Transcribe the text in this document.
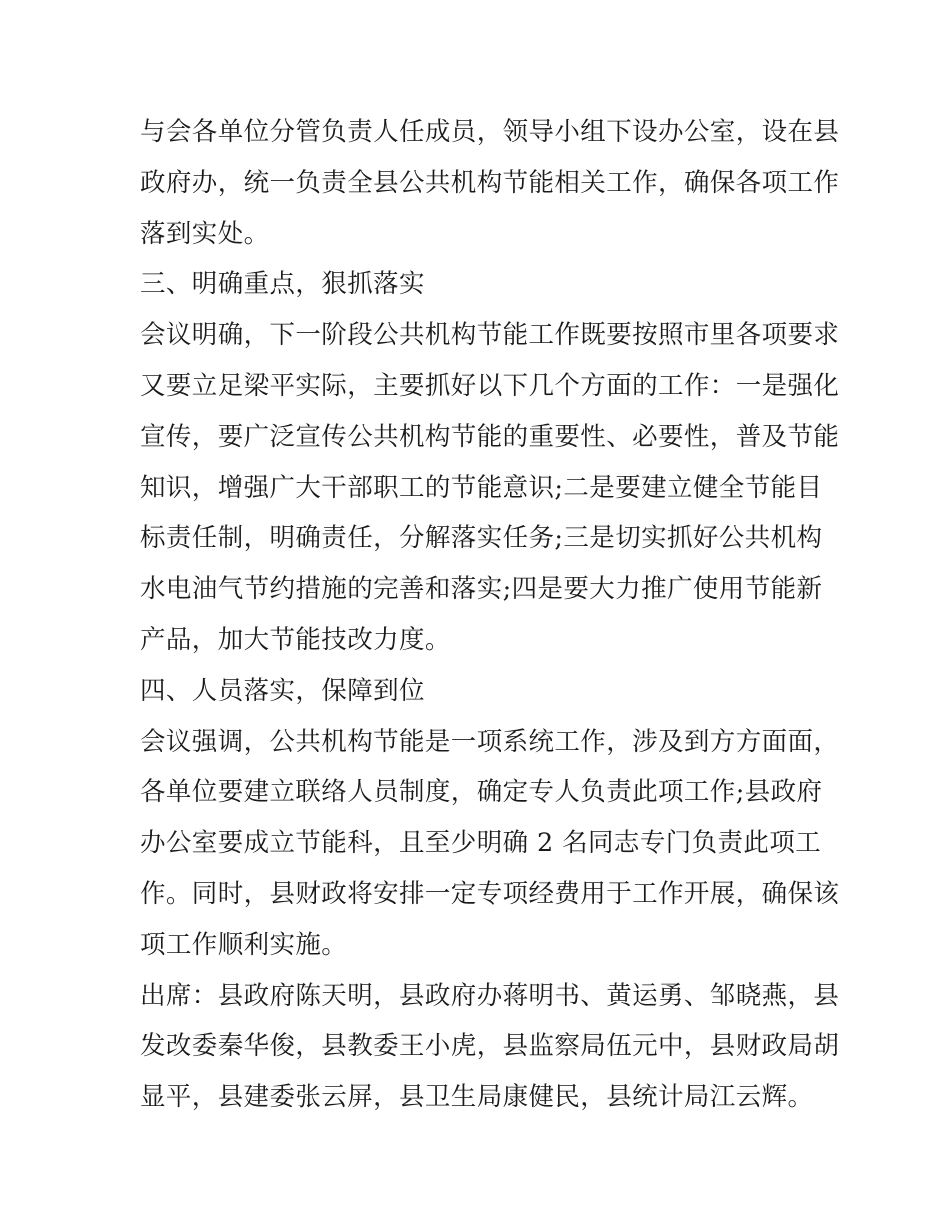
与会各单位分管负责人任成员，领导小组下设办公室，设在县

政府办，统一负责全县公共机构节能相关工作，确保各项工作

落到实处。

三、明确重点，狠抓落实

会议明确，下一阶段公共机构节能工作既要按照市里各项要求

又要立足梁平实际，主要抓好以下几个方面的工作：一是强化

宣传，要广泛宣传公共机构节能的重要性、必要性，普及节能

知识，增强广大干部职工的节能意识;二是要建立健全节能目

标责任制，明确责任，分解落实任务;三是切实抓好公共机构

水电油气节约措施的完善和落实;四是要大力推广使用节能新

产品，加大节能技改力度。

四、人员落实，保障到位

会议强调，公共机构节能是一项系统工作，涉及到方方面面，

各单位要建立联络人员制度，确定专人负责此项工作;县政府

办公室要成立节能科，且至少明确 2 名同志专门负责此项工

作。同时，县财政将安排一定专项经费用于工作开展，确保该

项工作顺利实施。

出席：县政府陈天明，县政府办蒋明书、黄运勇、邹晓燕，县

发改委秦华俊，县教委王小虎，县监察局伍元中，县财政局胡

显平，县建委张云屏，县卫生局康健民，县统计局江云辉。
